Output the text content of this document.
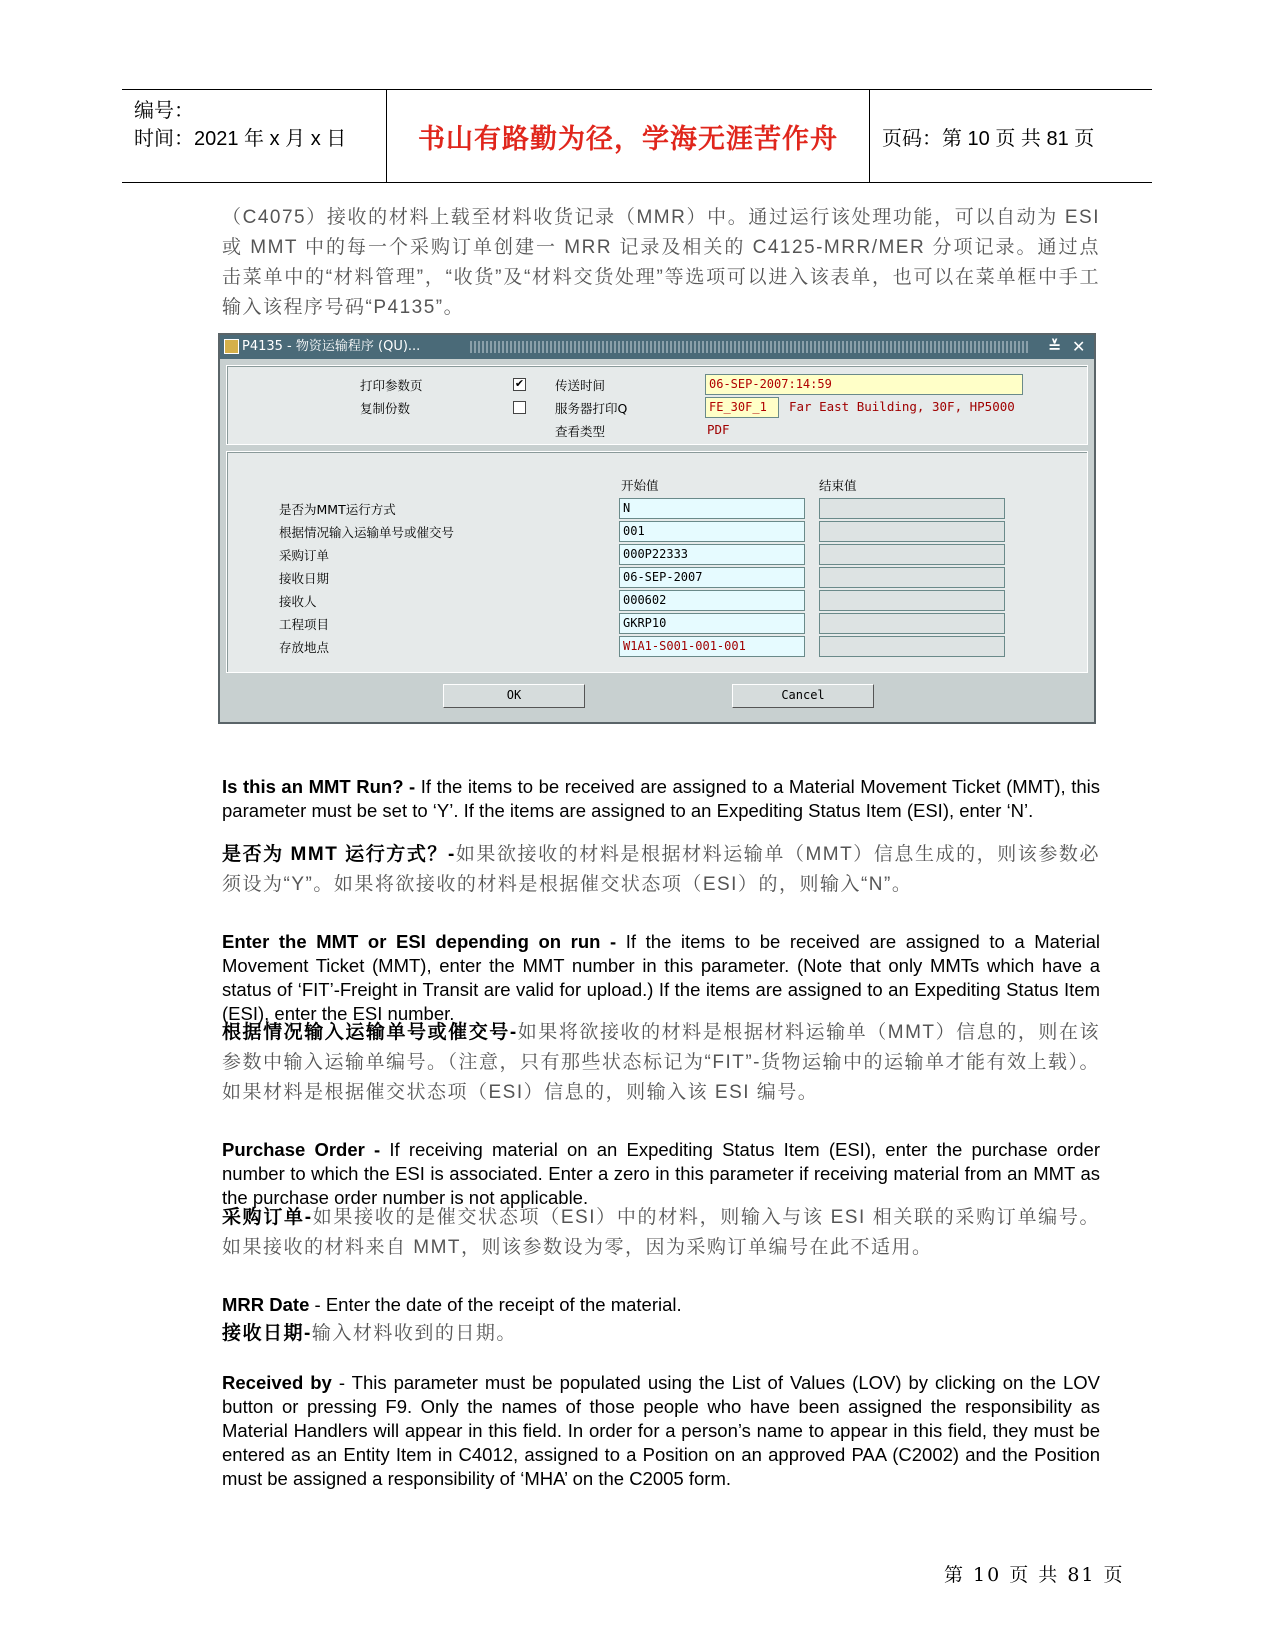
编号：
时间：2021 年 x 月 x 日	书山有路勤为径，学海无涯苦作舟 页码：第 10 页 共 81 页
（C4075）接收的材料上载至材料收货记录（MMR）中。通过运行该处理功能，可以自动为 ESI 或 MMT 中的每一个采购订单创建一 MRR 记录及相关的 C4125-MRR/MER 分项记录。通过点击菜单中的“材料管理”，“收货”及“材料交货处理”等选项可以进入该表单，也可以在菜单框中手工输入该程序号码“P4135”。
P4135 - 物资运输程序 (QU)...	≚ ✕
打印参数页	✔
复制份数
传送时间	06-SEP-2007:14:59
服务器打印Q	FE_30F_1	Far East Building, 30F, HP5000
查看类型	PDF
开始值	结束值
是否为MMT运行方式	N
根据情况输入运输单号或催交号	001
采购订单	000P22333
接收日期	06-SEP-2007
接收人	000602
工程项目	GKRP10
存放地点	W1A1-S001-001-001
OK	Cancel
Is this an MMT Run? - If the items to be received are assigned to a Material Movement Ticket (MMT), this parameter must be set to ‘Y’. If the items are assigned to an Expediting Status Item (ESI), enter ‘N’.
是否为 MMT 运行方式？-如果欲接收的材料是根据材料运输单（MMT）信息生成的，则该参数必须设为“Y”。如果将欲接收的材料是根据催交状态项（ESI）的，则输入“N”。
Enter the MMT or ESI depending on run - If the items to be received are assigned to a Material Movement Ticket (MMT), enter the MMT number in this parameter. (Note that only MMTs which have a status of ‘FIT’-Freight in Transit are valid for upload.) If the items are assigned to an Expediting Status Item (ESI), enter the ESI number.
根据情况输入运输单号或催交号-如果将欲接收的材料是根据材料运输单（MMT）信息的，则在该参数中输入运输单编号。（注意，只有那些状态标记为“FIT”-货物运输中的运输单才能有效上载）。如果材料是根据催交状态项（ESI）信息的，则输入该 ESI 编号。
Purchase Order - If receiving material on an Expediting Status Item (ESI), enter the purchase order number to which the ESI is associated. Enter a zero in this parameter if receiving material from an MMT as the purchase order number is not applicable.
采购订单-如果接收的是催交状态项（ESI）中的材料，则输入与该 ESI 相关联的采购订单编号。如果接收的材料来自 MMT，则该参数设为零，因为采购订单编号在此不适用。
MRR Date - Enter the date of the receipt of the material.
接收日期-输入材料收到的日期。
Received by - This parameter must be populated using the List of Values (LOV) by clicking on the LOV button or pressing F9. Only the names of those people who have been assigned the responsibility as Material Handlers will appear in this field. In order for a person’s name to appear in this field, they must be entered as an Entity Item in C4012, assigned to a Position on an approved PAA (C2002) and the Position must be assigned a responsibility of ‘MHA’ on the C2005 form.
第 10 页 共 81 页
